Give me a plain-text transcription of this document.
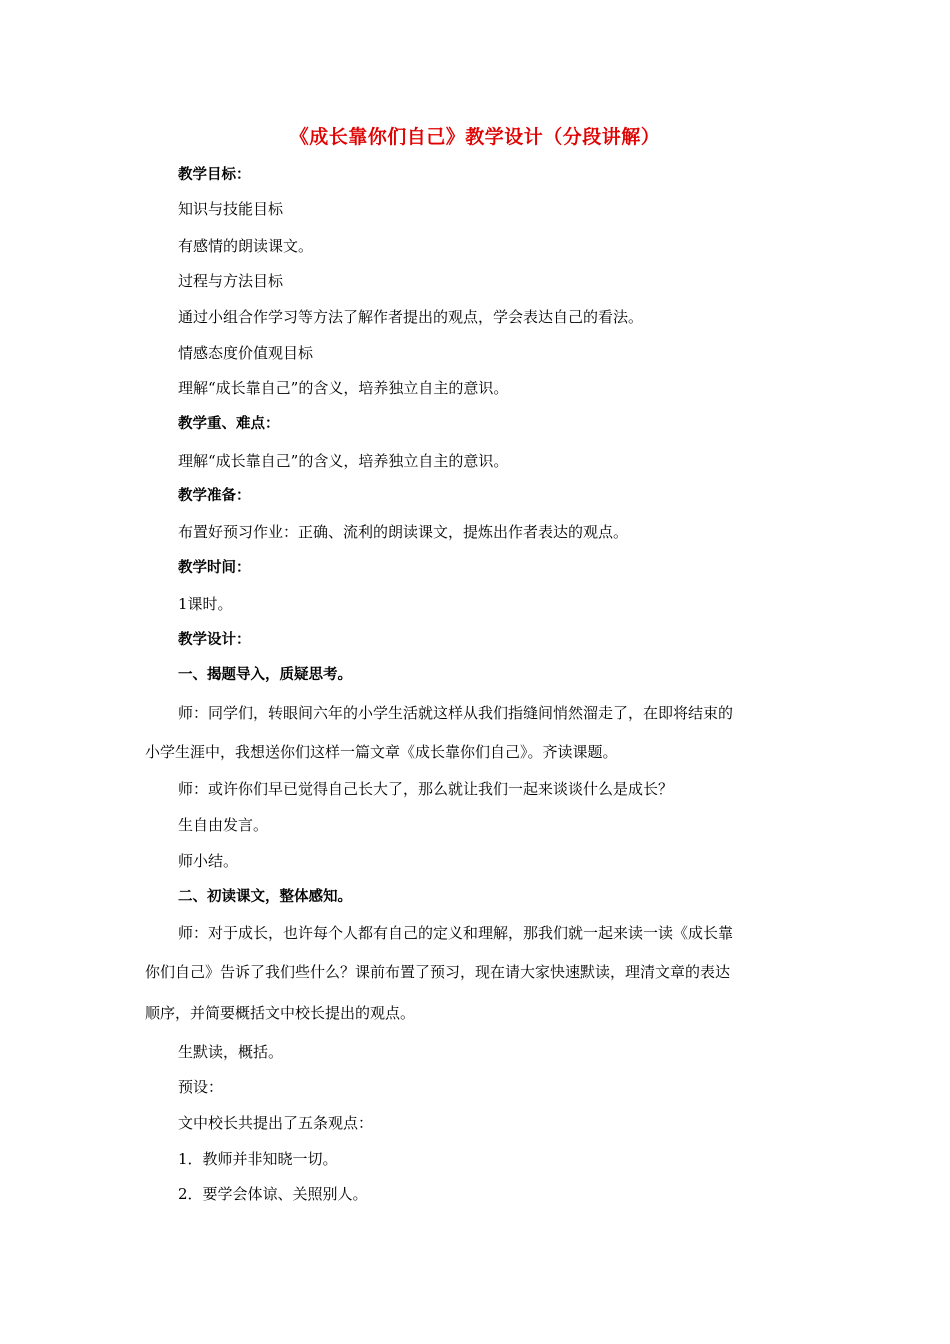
《成长靠你们自己》教学设计（分段讲解）
教学目标：
知识与技能目标
有感情的朗读课文。
过程与方法目标
通过小组合作学习等方法了解作者提出的观点，学会表达自己的看法。
情感态度价值观目标
理解“成长靠自己”的含义，培养独立自主的意识。
教学重、难点：
理解“成长靠自己”的含义，培养独立自主的意识。
教学准备：
布置好预习作业：正确、流利的朗读课文，提炼出作者表达的观点。
教学时间：
1课时。
教学设计：
一、揭题导入，质疑思考。
师：同学们，转眼间六年的小学生活就这样从我们指缝间悄然溜走了，在即将结束的
小学生涯中，我想送你们这样一篇文章《成长靠你们自己》。齐读课题。
师：或许你们早已觉得自己长大了，那么就让我们一起来谈谈什么是成长？
生自由发言。
师小结。
二、初读课文，整体感知。
师：对于成长，也许每个人都有自己的定义和理解，那我们就一起来读一读《成长靠
你们自己》告诉了我们些什么？课前布置了预习，现在请大家快速默读，理清文章的表达
顺序，并简要概括文中校长提出的观点。
生默读，概括。
预设：
文中校长共提出了五条观点：
1．教师并非知晓一切。
2．要学会体谅、关照别人。
